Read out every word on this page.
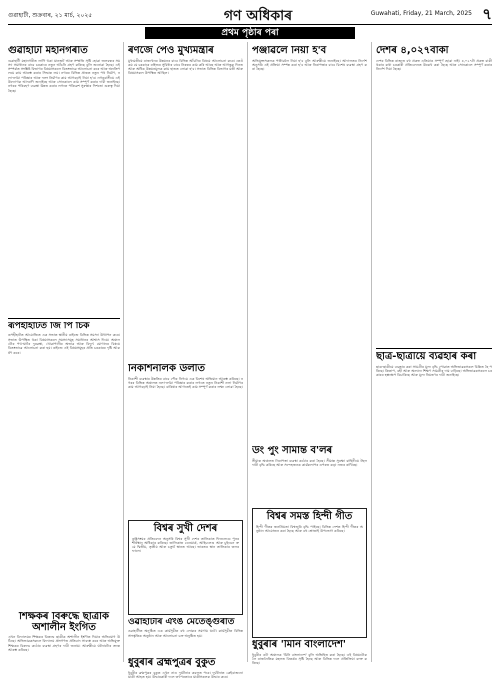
গুৱাহাটী, শুক্ৰবাৰ, ২১ মাৰ্চ, ২০২৫	গণ অধিকাৰ	Guwahati, Friday, 21 March, 2025 ৭
প্ৰথম পৃষ্ঠাৰ পৰা
গুৱাহাটী মহানগৰীত
গুৱাহাটী মহানগৰীত লাগি থকা যানজট আৰু সম্প্ৰতি সৃষ্টি হোৱা জলবন্ধৰ সমস্যা সমাধানৰ বাবে চৰকাৰে নতুন আঁচনি গ্ৰহণ কৰিছে বুলি জনোৱা হৈছে। এই সম্পৰ্কত সংশ্লিষ্ট বিভাগৰ বিষয়াসকলে বিতংভাৱে আলোচনা কৰে আৰু অনতিপলমে কাম আৰম্ভ কৰাৰ সিদ্ধান্ত লয়। নগৰৰ বিভিন্ন প্ৰান্তত নতুন পথ নিৰ্মাণ, নলা-নৰ্দমা পৰিষ্কাৰ আৰু দলং নিৰ্মাণৰ কাম আগবঢ়াই নিয়া হ'ব। নগৰবাসীয়ে এই উদ্যোগক আদৰণি জনাইছে আৰু সোনকালে কাম সম্পূৰ্ণ কৰাৰ দাবী জনাইছে। নগৰৰ পৰিবহণ ব্যৱস্থা উন্নত কৰাৰ লগতে পৰিৱেশ সুৰক্ষাৰ দিশতো গুৰুত্ব দিয়া হৈছে।
ৰূপহীহাটত জি পি চিক
ৰূপহীহাটত আয়োজিত এক সভাত স্থানীয় ৰাইজে বিভিন্ন সমস্যা উত্থাপন কৰে। সভাত উপস্থিত থকা বিষয়াসকলে সমস্যাসমূহ সমাধানৰ আশ্বাস দিয়ে। অঞ্চলটোৰ পথ-ঘাটৰ দুৰৱস্থা, খোৱাপানীৰ অভাৱ আৰু বিদ্যুৎ যোগানৰ বিষয়ে বিতংভাৱে আলোচনা কৰা হয়। ৰাইজে এই বিষয়সমূহৰ প্ৰতি চৰকাৰৰ দৃষ্টি আকৰ্ষণ কৰে।
শিক্ষকৰ বিৰুদ্ধে ছাত্ৰীক অশালীন ইংগিত
এখন বিদ্যালয়ৰ শিক্ষকৰ বিৰুদ্ধে ছাত্ৰীক অশালীন ইংগিত দিয়াৰ অভিযোগ উঠিছে। অভিভাৱকসকলে বিদ্যালয় প্ৰাংগণত প্ৰতিবাদ সাব্যস্ত কৰে আৰু অভিযুক্ত শিক্ষকৰ বিৰুদ্ধে কঠোৰ ব্যৱস্থা গ্ৰহণৰ দাবী জনায়। আৰক্ষীয়ে ঘটনাটোৰ তদন্ত আৰম্ভ কৰিছে।
ৰণজে পেও মুখ্যমন্ত্ৰীৰ
মুখ্যমন্ত্ৰীয়ে ৰাজ্যখনৰ উন্নয়নৰ বাবে বিভিন্ন আঁচনিৰ বিষয়ে আলোচনা কৰে। তেওঁ কয় যে চৰকাৰে ৰাইজৰ সুবিধাৰ বাবে নিৰন্তৰ কাম কৰি আছে আৰু আগন্তুক দিনত আৰু অধিক উন্নয়নমূলক কাম হাতত লোৱা হ'ব। সভাত বিভিন্ন বিভাগৰ মন্ত্ৰী আৰু বিষয়াসকল উপস্থিত আছিল।
নিকাশনালক উলীত
নিকাশী ব্যৱস্থাৰ উন্নতিৰ বাবে পৌৰ নিগমে এক বিশেষ অভিযান আৰম্ভ কৰিছে। নগৰৰ বিভিন্ন অঞ্চলত নলা-নৰ্দমা পৰিষ্কাৰ কৰাৰ লগতে নতুন নিকাশী নলা নিৰ্মাণৰ কাম আগবঢ়াই নিয়া হৈছে। বাৰিষাৰ আগতেই কাম সম্পূৰ্ণ কৰাৰ লক্ষ্য লোৱা হৈছে।
বিশ্বৰ সুখী দেশৰ
ৰাষ্ট্ৰসংঘৰ প্ৰতিবেদন অনুসৰি বিশ্বৰ সুখী দেশৰ তালিকাত ফিনলেণ্ডে পুনৰ শীৰ্ষস্থান অধিকাৰ কৰিছে। তালিকাত ডেনমাৰ্ক, আইচলেণ্ড আৰু চুইডেন ক্ৰমে দ্বিতীয়, তৃতীয় আৰু চতুৰ্থ স্থানত আছে। ভাৰতৰ স্থান তালিকাৰ তলৰ ফালে।
ওৱাহাটীৰ ঐংঙ মেতেঙ্গুৰীত
ওৱাহাটীত অনুষ্ঠিত এক কাৰ্যসূচীত বহু লোকৰ সমাগম ঘটে। কাৰ্যসূচীত বিভিন্ন সাংস্কৃতিক অনুষ্ঠান আৰু আলোচনা চক্ৰ অনুষ্ঠিত হয়।
ধুবুৰীৰ ব্ৰহ্মপুত্ৰৰ বুকুত
ধুবুৰীৰ ব্ৰহ্মপুত্ৰৰ বুকুত এখন নাও দুৰ্ঘটনাৰ কবলত পৰে। দুৰ্ঘটনাত কেইবাজনো যাত্ৰী আহত হয়। উদ্ধাৰকাৰী দলে তৎপৰতাৰে যাত্ৰীসকলক উদ্ধাৰ কৰে।
পঞ্জাৱলৈ নিয়া হ'ব
অভিযুক্তসকলক পঞ্জাৱলৈ নিয়া হ'ব বুলি আৰক্ষীয়ে জনাইছে। আদালতৰ নিৰ্দেশ অনুসৰি এই প্ৰক্ৰিয়া সম্পন্ন কৰা হ'ব আৰু নিৰাপত্তাৰ বাবে বিশেষ ব্যৱস্থা গ্ৰহণ কৰা হৈছে।
উং পুং সীমান্ত ব'লৰ
সীমান্ত অঞ্চলত নিৰাপত্তা ব্যৱস্থা কঠোৰ কৰা হৈছে। সীমান্ত সুৰক্ষা বাহিনীয়ে টহলদাৰী বৃদ্ধি কৰিছে আৰু সন্দেহজনক কাৰ্যকলাপৰ ওপৰত কড়া নজৰ ৰাখিছে।
বিশ্বৰ সমস্ত হিন্দী গীত
হিন্দী গীতৰ জনপ্ৰিয়তা বিশ্বজুৰি বৃদ্ধি পাইছে। বিভিন্ন দেশত হিন্দী গীতৰ অনুষ্ঠান আয়োজন কৰা হৈছে আৰু বহু শ্ৰোতাই উপভোগ কৰিছে।
ধুবুৰীৰ 'মিনি বাংলাদেশ'
ধুবুৰীৰ এটা অঞ্চলক 'মিনি বাংলাদেশ' বুলি অভিহিত কৰা হৈছে। এই বিষয়টোক লৈ ৰাজনৈতিক মহলত বিতৰ্কৰ সৃষ্টি হৈছে আৰু বিভিন্ন দলে প্ৰতিক্ৰিয়া ব্যক্ত কৰিছে।
দেশৰ ৪,০২৭বাকী
দেশৰ বিভিন্ন ৰাজ্যত বহু প্ৰকল্প এতিয়াও সম্পূৰ্ণ হোৱা নাই। ৪,০২৭টা প্ৰকল্প বাকী থকাৰ কথা চৰকাৰী প্ৰতিবেদনত উল্লেখ কৰা হৈছে আৰু সোনকালে সম্পূৰ্ণ কৰাৰ নিৰ্দেশ দিয়া হৈছে।
ছাত্ৰ-ছাত্ৰীয়ে ব্যৱহাৰ কৰা
ছাত্ৰ-ছাত্ৰীয়ে ব্যৱহাৰ কৰা সামগ্ৰীৰ মূল্য বৃদ্ধি পোৱাত অভিভাৱকসকল চিন্তিত হৈ পৰিছে। কিতাপ, বহী আৰু অন্যান্য শিক্ষণ সামগ্ৰীৰ দাম বাঢ়িছে। অভিভাৱকসকলে চৰকাৰৰ হস্তক্ষেপ বিচাৰিছে আৰু মূল্য নিয়ন্ত্ৰণৰ দাবী জনাইছে।
